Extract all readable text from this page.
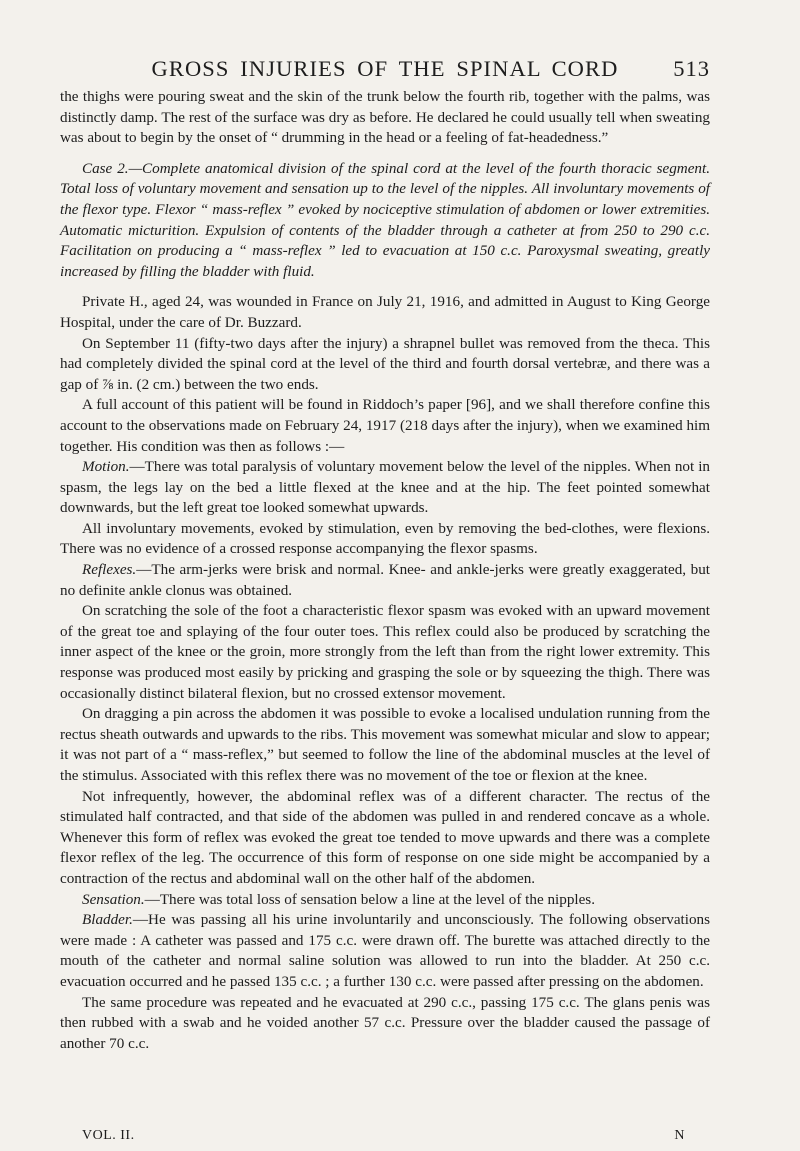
GROSS INJURIES OF THE SPINAL CORD	513

the thighs were pouring sweat and the skin of the trunk below the fourth rib, together with the palms, was distinctly damp. The rest of the surface was dry as before. He declared he could usually tell when sweating was about to begin by the onset of “ drumming in the head or a feeling of fat-headedness.”

Case 2.—Complete anatomical division of the spinal cord at the level of the fourth thoracic segment. Total loss of voluntary movement and sensation up to the level of the nipples. All involuntary movements of the flexor type. Flexor “ mass-reflex ” evoked by nociceptive stimulation of abdomen or lower extremities. Automatic micturition. Expulsion of contents of the bladder through a catheter at from 250 to 290 c.c. Facilitation on producing a “ mass-reflex ” led to evacuation at 150 c.c. Paroxysmal sweating, greatly increased by filling the bladder with fluid.

Private H., aged 24, was wounded in France on July 21, 1916, and admitted in August to King George Hospital, under the care of Dr. Buzzard.

On September 11 (fifty-two days after the injury) a shrapnel bullet was removed from the theca. This had completely divided the spinal cord at the level of the third and fourth dorsal vertebræ, and there was a gap of ⅞ in. (2 cm.) between the two ends.

A full account of this patient will be found in Riddoch’s paper [96], and we shall therefore confine this account to the observations made on February 24, 1917 (218 days after the injury), when we examined him together. His condition was then as follows :—

Motion.—There was total paralysis of voluntary movement below the level of the nipples. When not in spasm, the legs lay on the bed a little flexed at the knee and at the hip. The feet pointed somewhat downwards, but the left great toe looked somewhat upwards.

All involuntary movements, evoked by stimulation, even by removing the bed-clothes, were flexions. There was no evidence of a crossed response accompanying the flexor spasms.

Reflexes.—The arm-jerks were brisk and normal. Knee- and ankle-jerks were greatly exaggerated, but no definite ankle clonus was obtained.

On scratching the sole of the foot a characteristic flexor spasm was evoked with an upward movement of the great toe and splaying of the four outer toes. This reflex could also be produced by scratching the inner aspect of the knee or the groin, more strongly from the left than from the right lower extremity. This response was produced most easily by pricking and grasping the sole or by squeezing the thigh. There was occasionally distinct bilateral flexion, but no crossed extensor movement.

On dragging a pin across the abdomen it was possible to evoke a localised undulation running from the rectus sheath outwards and upwards to the ribs. This movement was somewhat micular and slow to appear; it was not part of a “ mass-reflex,” but seemed to follow the line of the abdominal muscles at the level of the stimulus. Associated with this reflex there was no movement of the toe or flexion at the knee.

Not infrequently, however, the abdominal reflex was of a different character. The rectus of the stimulated half contracted, and that side of the abdomen was pulled in and rendered concave as a whole. Whenever this form of reflex was evoked the great toe tended to move upwards and there was a complete flexor reflex of the leg. The occurrence of this form of response on one side might be accompanied by a contraction of the rectus and abdominal wall on the other half of the abdomen.

Sensation.—There was total loss of sensation below a line at the level of the nipples.

Bladder.—He was passing all his urine involuntarily and unconsciously. The following observations were made : A catheter was passed and 175 c.c. were drawn off. The burette was attached directly to the mouth of the catheter and normal saline solution was allowed to run into the bladder. At 250 c.c. evacuation occurred and he passed 135 c.c. ; a further 130 c.c. were passed after pressing on the abdomen.

The same procedure was repeated and he evacuated at 290 c.c., passing 175 c.c. The glans penis was then rubbed with a swab and he voided another 57 c.c. Pressure over the bladder caused the passage of another 70 c.c.

VOL. II.	N
